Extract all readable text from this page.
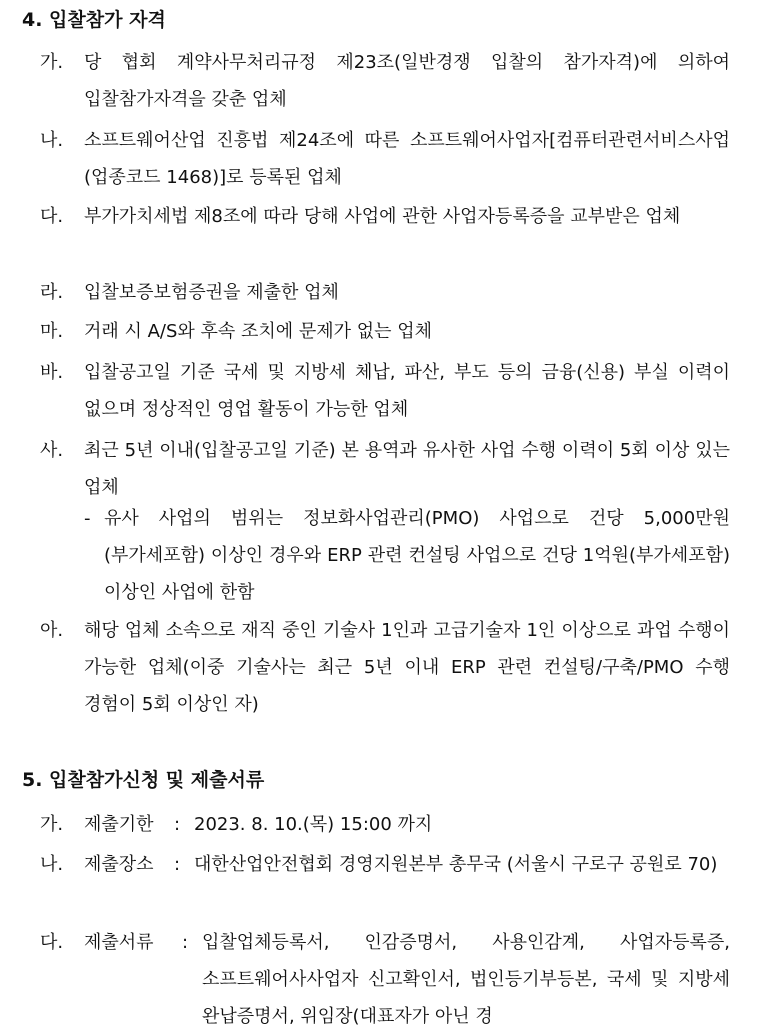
4. 입찰참가 자격
가.	당 협회 계약사무처리규정 제23조(일반경쟁 입찰의 참가자격)에 의하여 입찰참가자격을 갖춘 업체
나.	소프트웨어산업 진흥법 제24조에 따른 소프트웨어사업자[컴퓨터관련서비스사업(업종코드 1468)]로 등록된 업체
다.	부가가치세법 제8조에 따라 당해 사업에 관한 사업자등록증을 교부받은 업체
라.	입찰보증보험증권을 제출한 업체
마.	거래 시 A/S와 후속 조치에 문제가 없는 업체
바.	입찰공고일 기준 국세 및 지방세 체납, 파산, 부도 등의 금융(신용) 부실 이력이 없으며 정상적인 영업 활동이 가능한 업체
사.	최근 5년 이내(입찰공고일 기준) 본 용역과 유사한 사업 수행 이력이 5회 이상 있는 업체
- 유사 사업의 범위는 정보화사업관리(PMO) 사업으로 건당 5,000만원(부가세포함) 이상인 경우와 ERP 관련 컨설팅 사업으로 건당 1억원(부가세포함) 이상인 사업에 한함
아.	해당 업체 소속으로 재직 중인 기술사 1인과 고급기술자 1인 이상으로 과업 수행이 가능한 업체(이중 기술사는 최근 5년 이내 ERP 관련 컨설팅/구축/PMO 수행 경험이 5회 이상인 자)
5. 입찰참가신청 및 제출서류
가.	제출기한 : 2023. 8. 10.(목) 15:00 까지
나.	제출장소 : 대한산업안전협회 경영지원본부 총무국 (서울시 구로구 공원로 70)
다.	제출서류 : 입찰업체등록서, 인감증명서, 사용인감계, 사업자등록증, 소프트웨어사사업자 신고확인서, 법인등기부등본, 국세 및 지방세 완납증명서, 위임장(대표자가 아닌 경
